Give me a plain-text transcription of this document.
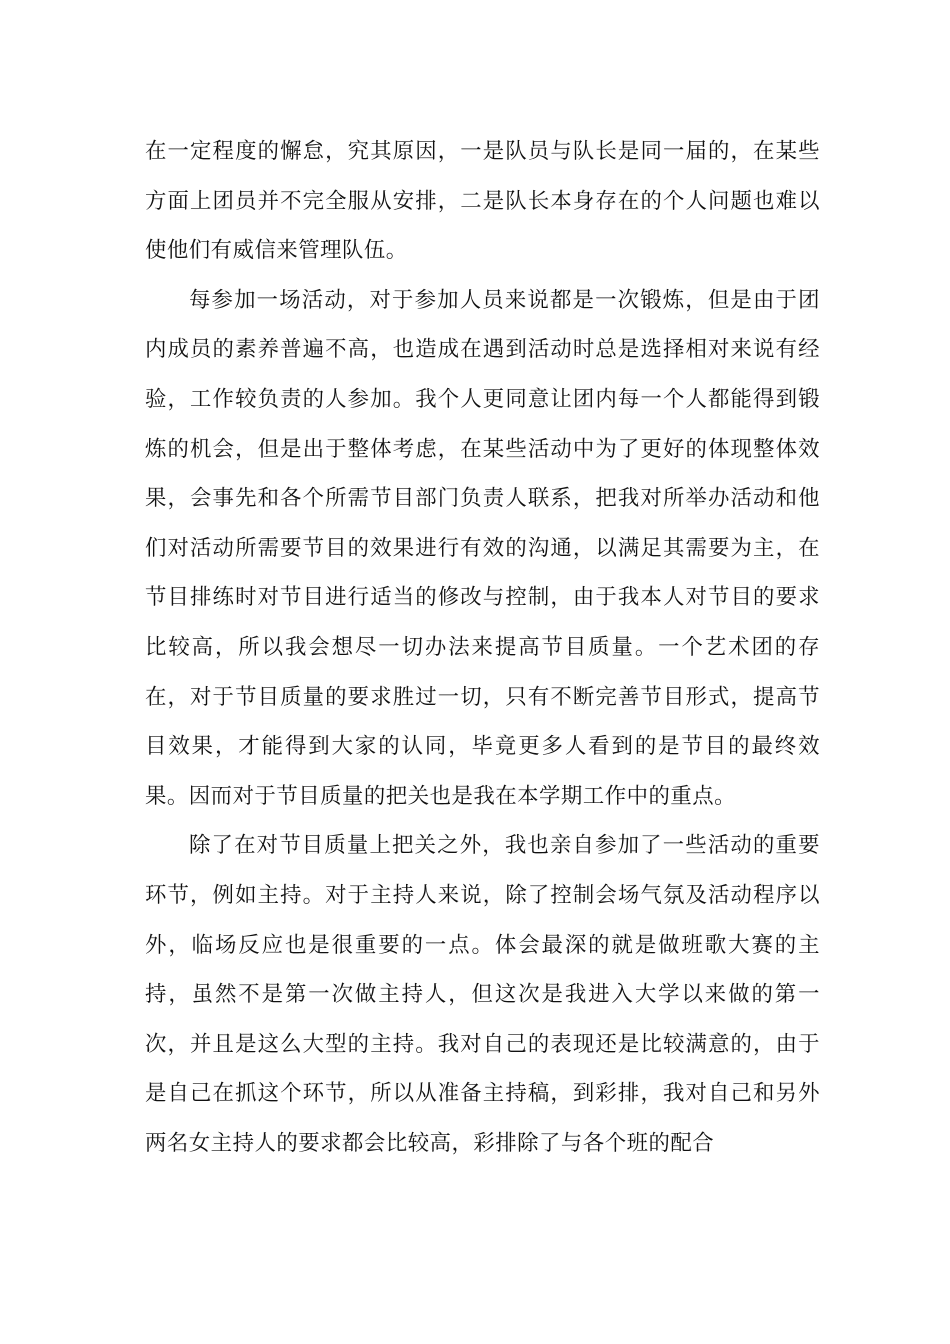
在一定程度的懈怠，究其原因，一是队员与队长是同一届的，在某些方面上团员并不完全服从安排，二是队长本身存在的个人问题也难以使他们有威信来管理队伍。

每参加一场活动，对于参加人员来说都是一次锻炼，但是由于团内成员的素养普遍不高，也造成在遇到活动时总是选择相对来说有经验，工作较负责的人参加。我个人更同意让团内每一个人都能得到锻炼的机会，但是出于整体考虑，在某些活动中为了更好的体现整体效果，会事先和各个所需节目部门负责人联系，把我对所举办活动和他们对活动所需要节目的效果进行有效的沟通，以满足其需要为主，在节目排练时对节目进行适当的修改与控制，由于我本人对节目的要求比较高，所以我会想尽一切办法来提高节目质量。一个艺术团的存在，对于节目质量的要求胜过一切，只有不断完善节目形式，提高节目效果，才能得到大家的认同，毕竟更多人看到的是节目的最终效果。因而对于节目质量的把关也是我在本学期工作中的重点。

除了在对节目质量上把关之外，我也亲自参加了一些活动的重要环节，例如主持。对于主持人来说，除了控制会场气氛及活动程序以外，临场反应也是很重要的一点。体会最深的就是做班歌大赛的主持，虽然不是第一次做主持人，但这次是我进入大学以来做的第一次，并且是这么大型的主持。我对自己的表现还是比较满意的，由于是自己在抓这个环节，所以从准备主持稿，到彩排，我对自己和另外两名女主持人的要求都会比较高，彩排除了与各个班的配合
